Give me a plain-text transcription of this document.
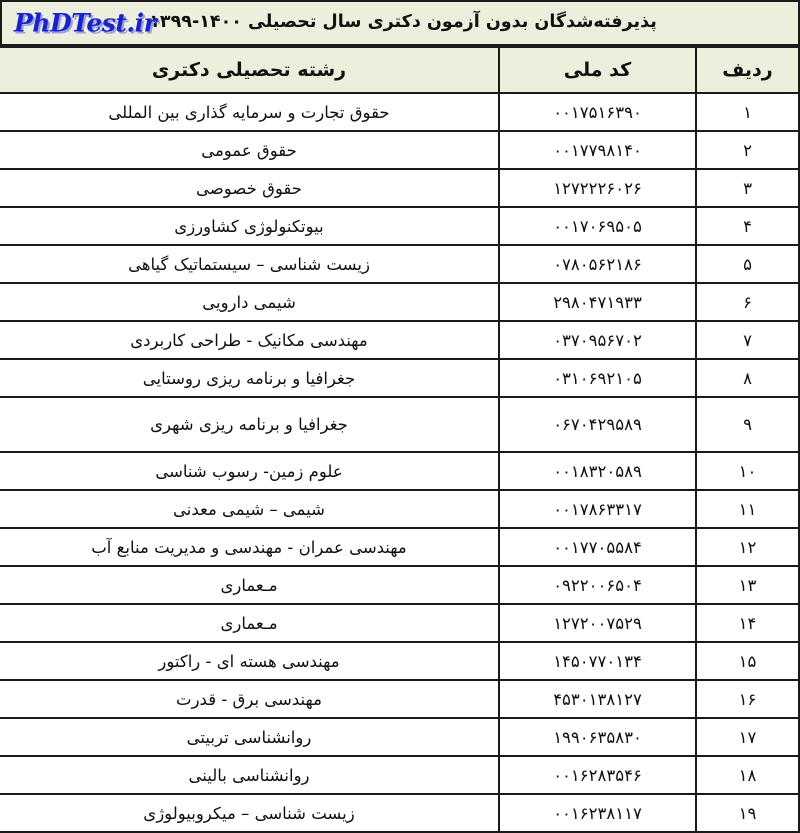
PhDTest.ir
پذیرفته‌شدگان بدون آزمون دکتری سال تحصیلی ۱۴۰۰-۱۳۹۹
ردیف	کد ملی	رشته تحصیلی دکتری
۱	۰۰۱۷۵۱۶۳۹۰	حقوق تجارت و سرمایه گذاری بین المللی
۲	۰۰۱۷۷۹۸۱۴۰	حقوق عمومی
۳	۱۲۷۲۲۲۶۰۲۶	حقوق خصوصی
۴	۰۰۱۷۰۶۹۵۰۵	بیوتکنولوژی کشاورزی
۵	۰۷۸۰۵۶۲۱۸۶	زیست شناسی – سیستماتیک گیاهی
۶	۲۹۸۰۴۷۱۹۳۳	شیمی دارویی
۷	۰۳۷۰۹۵۶۷۰۲	مهندسی مکانیک - طراحی کاربردی
۸	۰۳۱۰۶۹۲۱۰۵	جغرافیا و برنامه ریزی روستایی
۹	۰۶۷۰۴۲۹۵۸۹	جغرافیا و برنامه ریزی شهری
۱۰	۰۰۱۸۳۲۰۵۸۹	علوم زمین- رسوب شناسی
۱۱	۰۰۱۷۸۶۳۳۱۷	شیمی – شیمی معدنی
۱۲	۰۰۱۷۷۰۵۵۸۴	مهندسی عمران - مهندسی و مدیریت منابع آب
۱۳	۰۹۲۲۰۰۶۵۰۴	مـعماری
۱۴	۱۲۷۲۰۰۷۵۲۹	مـعماری
۱۵	۱۴۵۰۷۷۰۱۳۴	مهندسی هسته ای - راکتور
۱۶	۴۵۳۰۱۳۸۱۲۷	مهندسی برق - قدرت
۱۷	۱۹۹۰۶۳۵۸۳۰	روانشناسی تربیتی
۱۸	۰۰۱۶۲۸۳۵۴۶	روانشناسی بالینی
۱۹	۰۰۱۶۲۳۸۱۱۷	زیست شناسی – میکروبیولوژی
